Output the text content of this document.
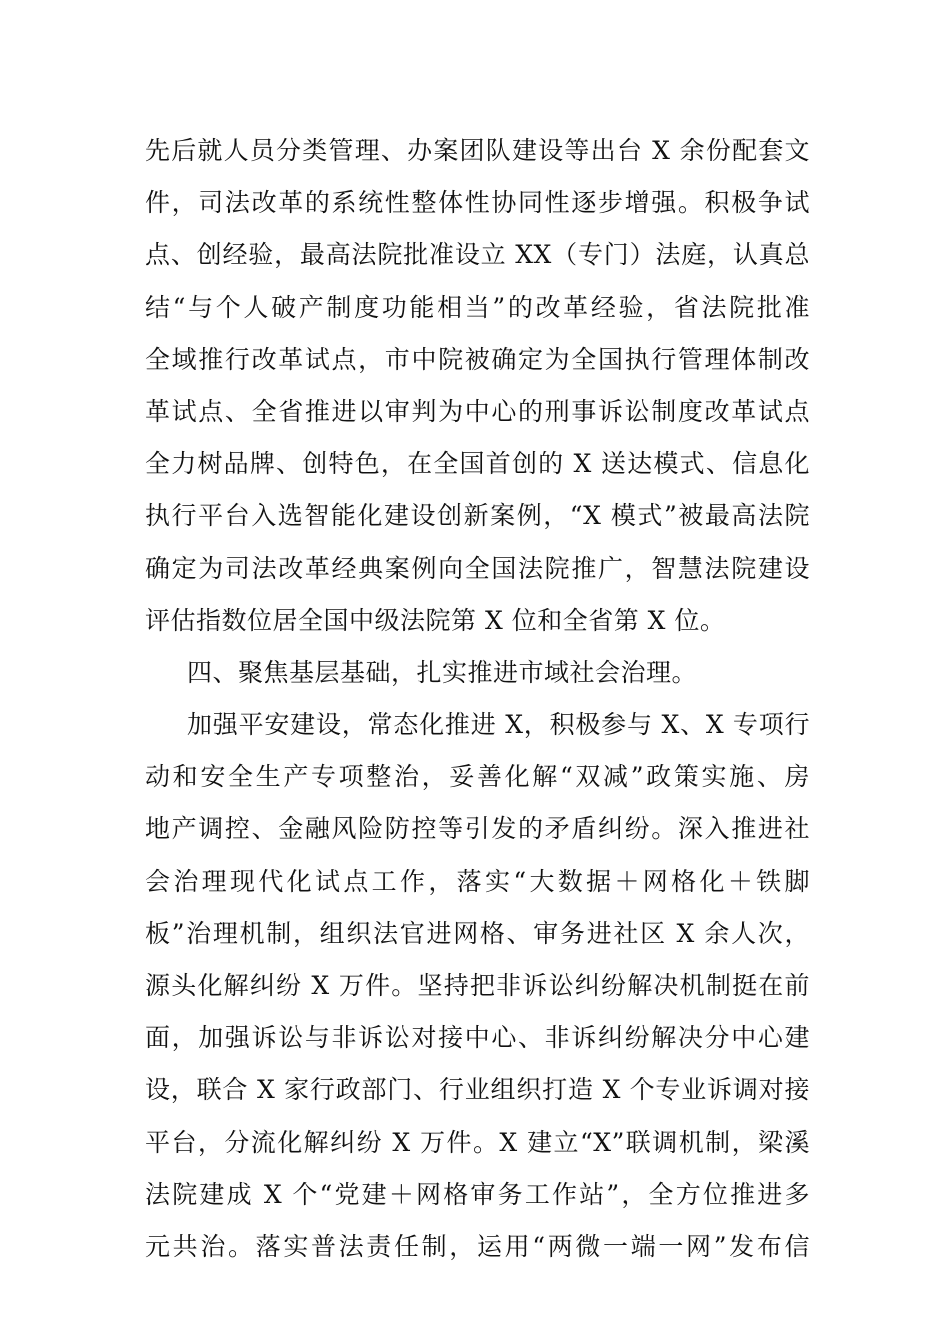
先后就人员分类管理、办案团队建设等出台 X 余份配套文
件，司法改革的系统性整体性协同性逐步增强。积极争试
点、创经验，最高法院批准设立 XX（专门）法庭，认真总
结“与个人破产制度功能相当”的改革经验，省法院批准
全域推行改革试点，市中院被确定为全国执行管理体制改
革试点、全省推进以审判为中心的刑事诉讼制度改革试点
全力树品牌、创特色，在全国首创的 X 送达模式、信息化
执行平台入选智能化建设创新案例，“X 模式”被最高法院
确定为司法改革经典案例向全国法院推广，智慧法院建设
评估指数位居全国中级法院第 X 位和全省第 X 位。
四、聚焦基层基础，扎实推进市域社会治理。
加强平安建设，常态化推进 X，积极参与 X、X 专项行
动和安全生产专项整治，妥善化解“双减”政策实施、房
地产调控、金融风险防控等引发的矛盾纠纷。深入推进社
会治理现代化试点工作，落实“大数据＋网格化＋铁脚
板”治理机制，组织法官进网格、审务进社区 X 余人次，
源头化解纠纷 X 万件。坚持把非诉讼纠纷解决机制挺在前
面，加强诉讼与非诉讼对接中心、非诉纠纷解决分中心建
设，联合 X 家行政部门、行业组织打造 X 个专业诉调对接
平台，分流化解纠纷 X 万件。X 建立“X”联调机制，梁溪
法院建成 X 个“党建＋网格审务工作站”，全方位推进多
元共治。落实普法责任制，运用“两微一端一网”发布信
